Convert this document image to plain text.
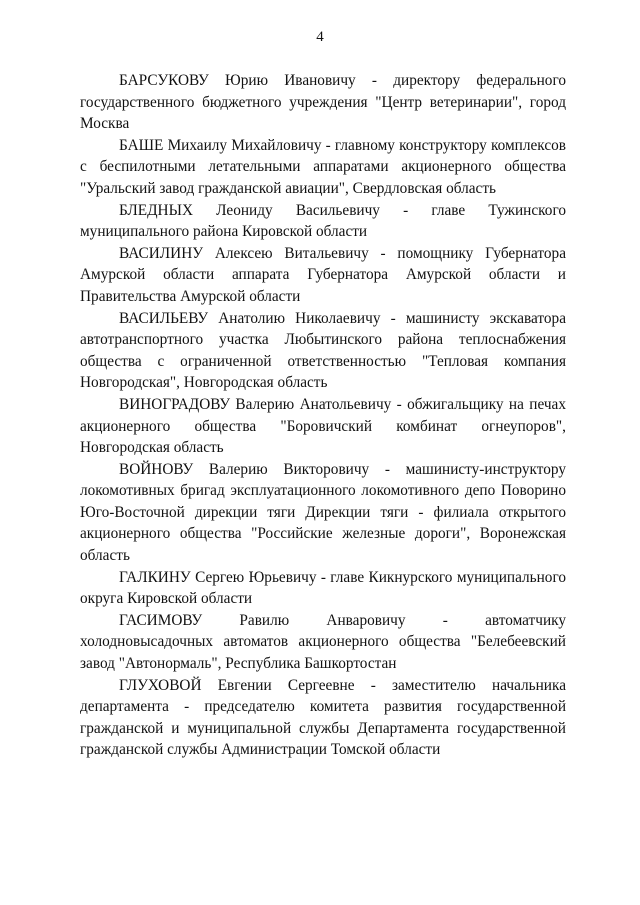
4

БАРСУКОВУ Юрию Ивановичу - директору федерального государственного бюджетного учреждения "Центр ветеринарии", город Москва

БАШЕ Михаилу Михайловичу - главному конструктору комплексов с беспилотными летательными аппаратами акционерного общества "Уральский завод гражданской авиации", Свердловская область

БЛЕДНЫХ Леониду Васильевичу - главе Тужинского муниципального района Кировской области

ВАСИЛИНУ Алексею Витальевичу - помощнику Губернатора Амурской области аппарата Губернатора Амурской области и Правительства Амурской области

ВАСИЛЬЕВУ Анатолию Николаевичу - машинисту экскаватора автотранспортного участка Любытинского района теплоснабжения общества с ограниченной ответственностью "Тепловая компания Новгородская", Новгородская область

ВИНОГРАДОВУ Валерию Анатольевичу - обжигальщику на печах акционерного общества "Боровичский комбинат огнеупоров", Новгородская область

ВОЙНОВУ Валерию Викторовичу - машинисту-инструктору локомотивных бригад эксплуатационного локомотивного депо Поворино Юго-Восточной дирекции тяги Дирекции тяги - филиала открытого акционерного общества "Российские железные дороги", Воронежская область

ГАЛКИНУ Сергею Юрьевичу - главе Кикнурского муниципального округа Кировской области

ГАСИМОВУ Равилю Анваровичу - автоматчику холодновысадочных автоматов акционерного общества "Белебеевский завод "Автонормаль", Республика Башкортостан

ГЛУХОВОЙ Евгении Сергеевне - заместителю начальника департамента - председателю комитета развития государственной гражданской и муниципальной службы Департамента государственной гражданской службы Администрации Томской области
